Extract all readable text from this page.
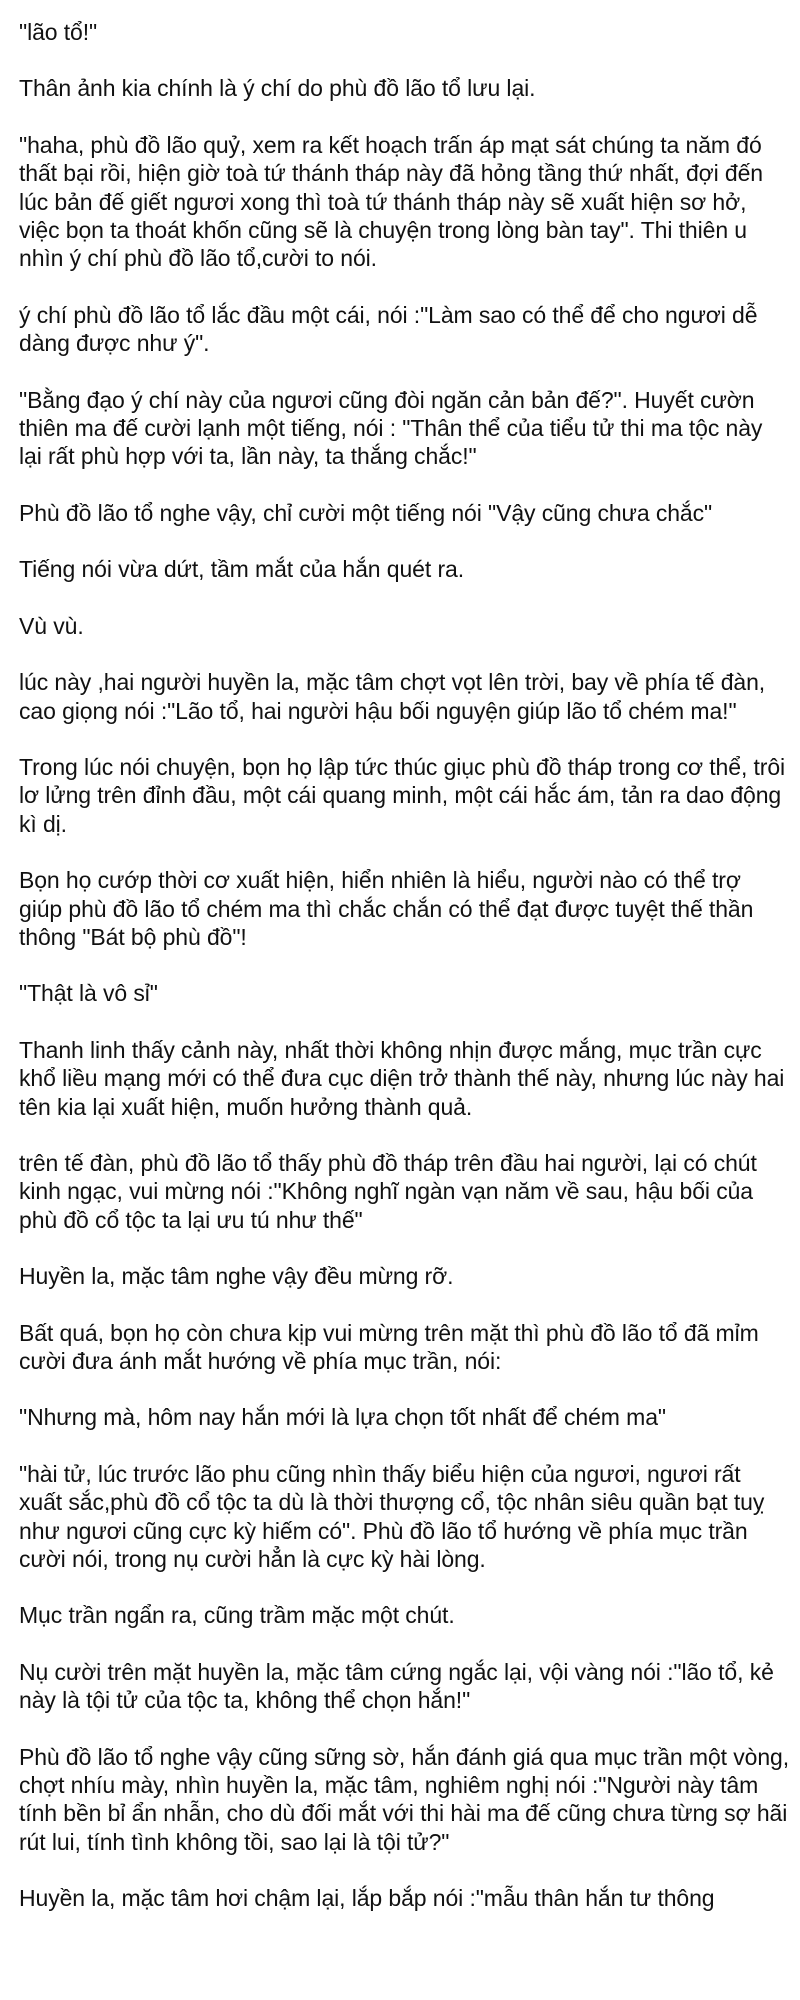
"lão tổ!"

Thân ảnh kia chính là ý chí do phù đồ lão tổ lưu lại.

"haha, phù đồ lão quỷ, xem ra kết hoạch trấn áp mạt sát chúng ta năm đó thất bại rồi, hiện giờ toà tứ thánh tháp này đã hỏng tầng thứ nhất, đợi đến lúc bản đế giết ngươi xong thì toà tứ thánh tháp này sẽ xuất hiện sơ hở, việc bọn ta thoát khốn cũng sẽ là chuyện trong lòng bàn tay". Thi thiên u nhìn ý chí phù đồ lão tổ,cười to nói.

ý chí phù đồ lão tổ lắc đầu một cái, nói :"Làm sao có thể để cho ngươi dễ dàng được như ý".

"Bằng đạo ý chí này của ngươi cũng đòi ngăn cản bản đế?". Huyết cườn thiên ma đế cười lạnh một tiếng, nói : "Thân thể của tiểu tử thi ma tộc này lại rất phù hợp với ta, lần này, ta thắng chắc!"

Phù đồ lão tổ nghe vậy, chỉ cười một tiếng nói "Vậy cũng chưa chắc"

Tiếng nói vừa dứt, tầm mắt của hắn quét ra.

Vù vù.

lúc này ,hai người huyền la, mặc tâm chợt vọt lên trời, bay về phía tế đàn, cao giọng nói :"Lão tổ, hai người hậu bối nguyện giúp lão tổ chém ma!"

Trong lúc nói chuyện, bọn họ lập tức thúc giục phù đồ tháp trong cơ thể, trôi lơ lửng trên đỉnh đầu, một cái quang minh, một cái hắc ám, tản ra dao động kì dị.

Bọn họ cướp thời cơ xuất hiện, hiển nhiên là hiểu, người nào có thể trợ giúp phù đồ lão tổ chém ma thì chắc chắn có thể đạt được tuyệt thế thần thông "Bát bộ phù đồ"!

"Thật là vô sỉ"

Thanh linh thấy cảnh này, nhất thời không nhịn được mắng, mục trần cực khổ liều mạng mới có thể đưa cục diện trở thành thế này, nhưng lúc này hai tên kia lại xuất hiện, muốn hưởng thành quả.

trên tế đàn, phù đồ lão tổ thấy phù đồ tháp trên đầu hai người, lại có chút kinh ngạc, vui mừng nói :"Không nghĩ ngàn vạn năm về sau, hậu bối của phù đồ cổ tộc ta lại ưu tú như thế"

Huyền la, mặc tâm nghe vậy đều mừng rỡ.

Bất quá, bọn họ còn chưa kịp vui mừng trên mặt thì phù đồ lão tổ đã mỉm cười đưa ánh mắt hướng về phía mục trần, nói:

"Nhưng mà, hôm nay hắn mới là lựa chọn tốt nhất để chém ma"

"hài tử, lúc trước lão phu cũng nhìn thấy biểu hiện của ngươi, ngươi rất xuất sắc,phù đồ cổ tộc ta dù là thời thượng cổ, tộc nhân siêu quần bạt tuỵ như ngươi cũng cực kỳ hiếm có". Phù đồ lão tổ hướng về phía mục trần cười nói, trong nụ cười hẳn là cực kỳ hài lòng.

Mục trần ngẩn ra, cũng trầm mặc một chút.

Nụ cười trên mặt huyền la, mặc tâm cứng ngắc lại, vội vàng nói :"lão tổ, kẻ này là tội tử của tộc ta, không thể chọn hắn!"

Phù đồ lão tổ nghe vậy cũng sững sờ, hắn đánh giá qua mục trần một vòng, chợt nhíu mày, nhìn huyền la, mặc tâm, nghiêm nghị nói :"Người này tâm tính bền bỉ ẩn nhẫn, cho dù đối mắt với thi hài ma đế cũng chưa từng sợ hãi rút lui, tính tình không tồi, sao lại là tội tử?"

Huyền la, mặc tâm hơi chậm lại, lắp bắp nói :"mẫu thân hắn tư thông
